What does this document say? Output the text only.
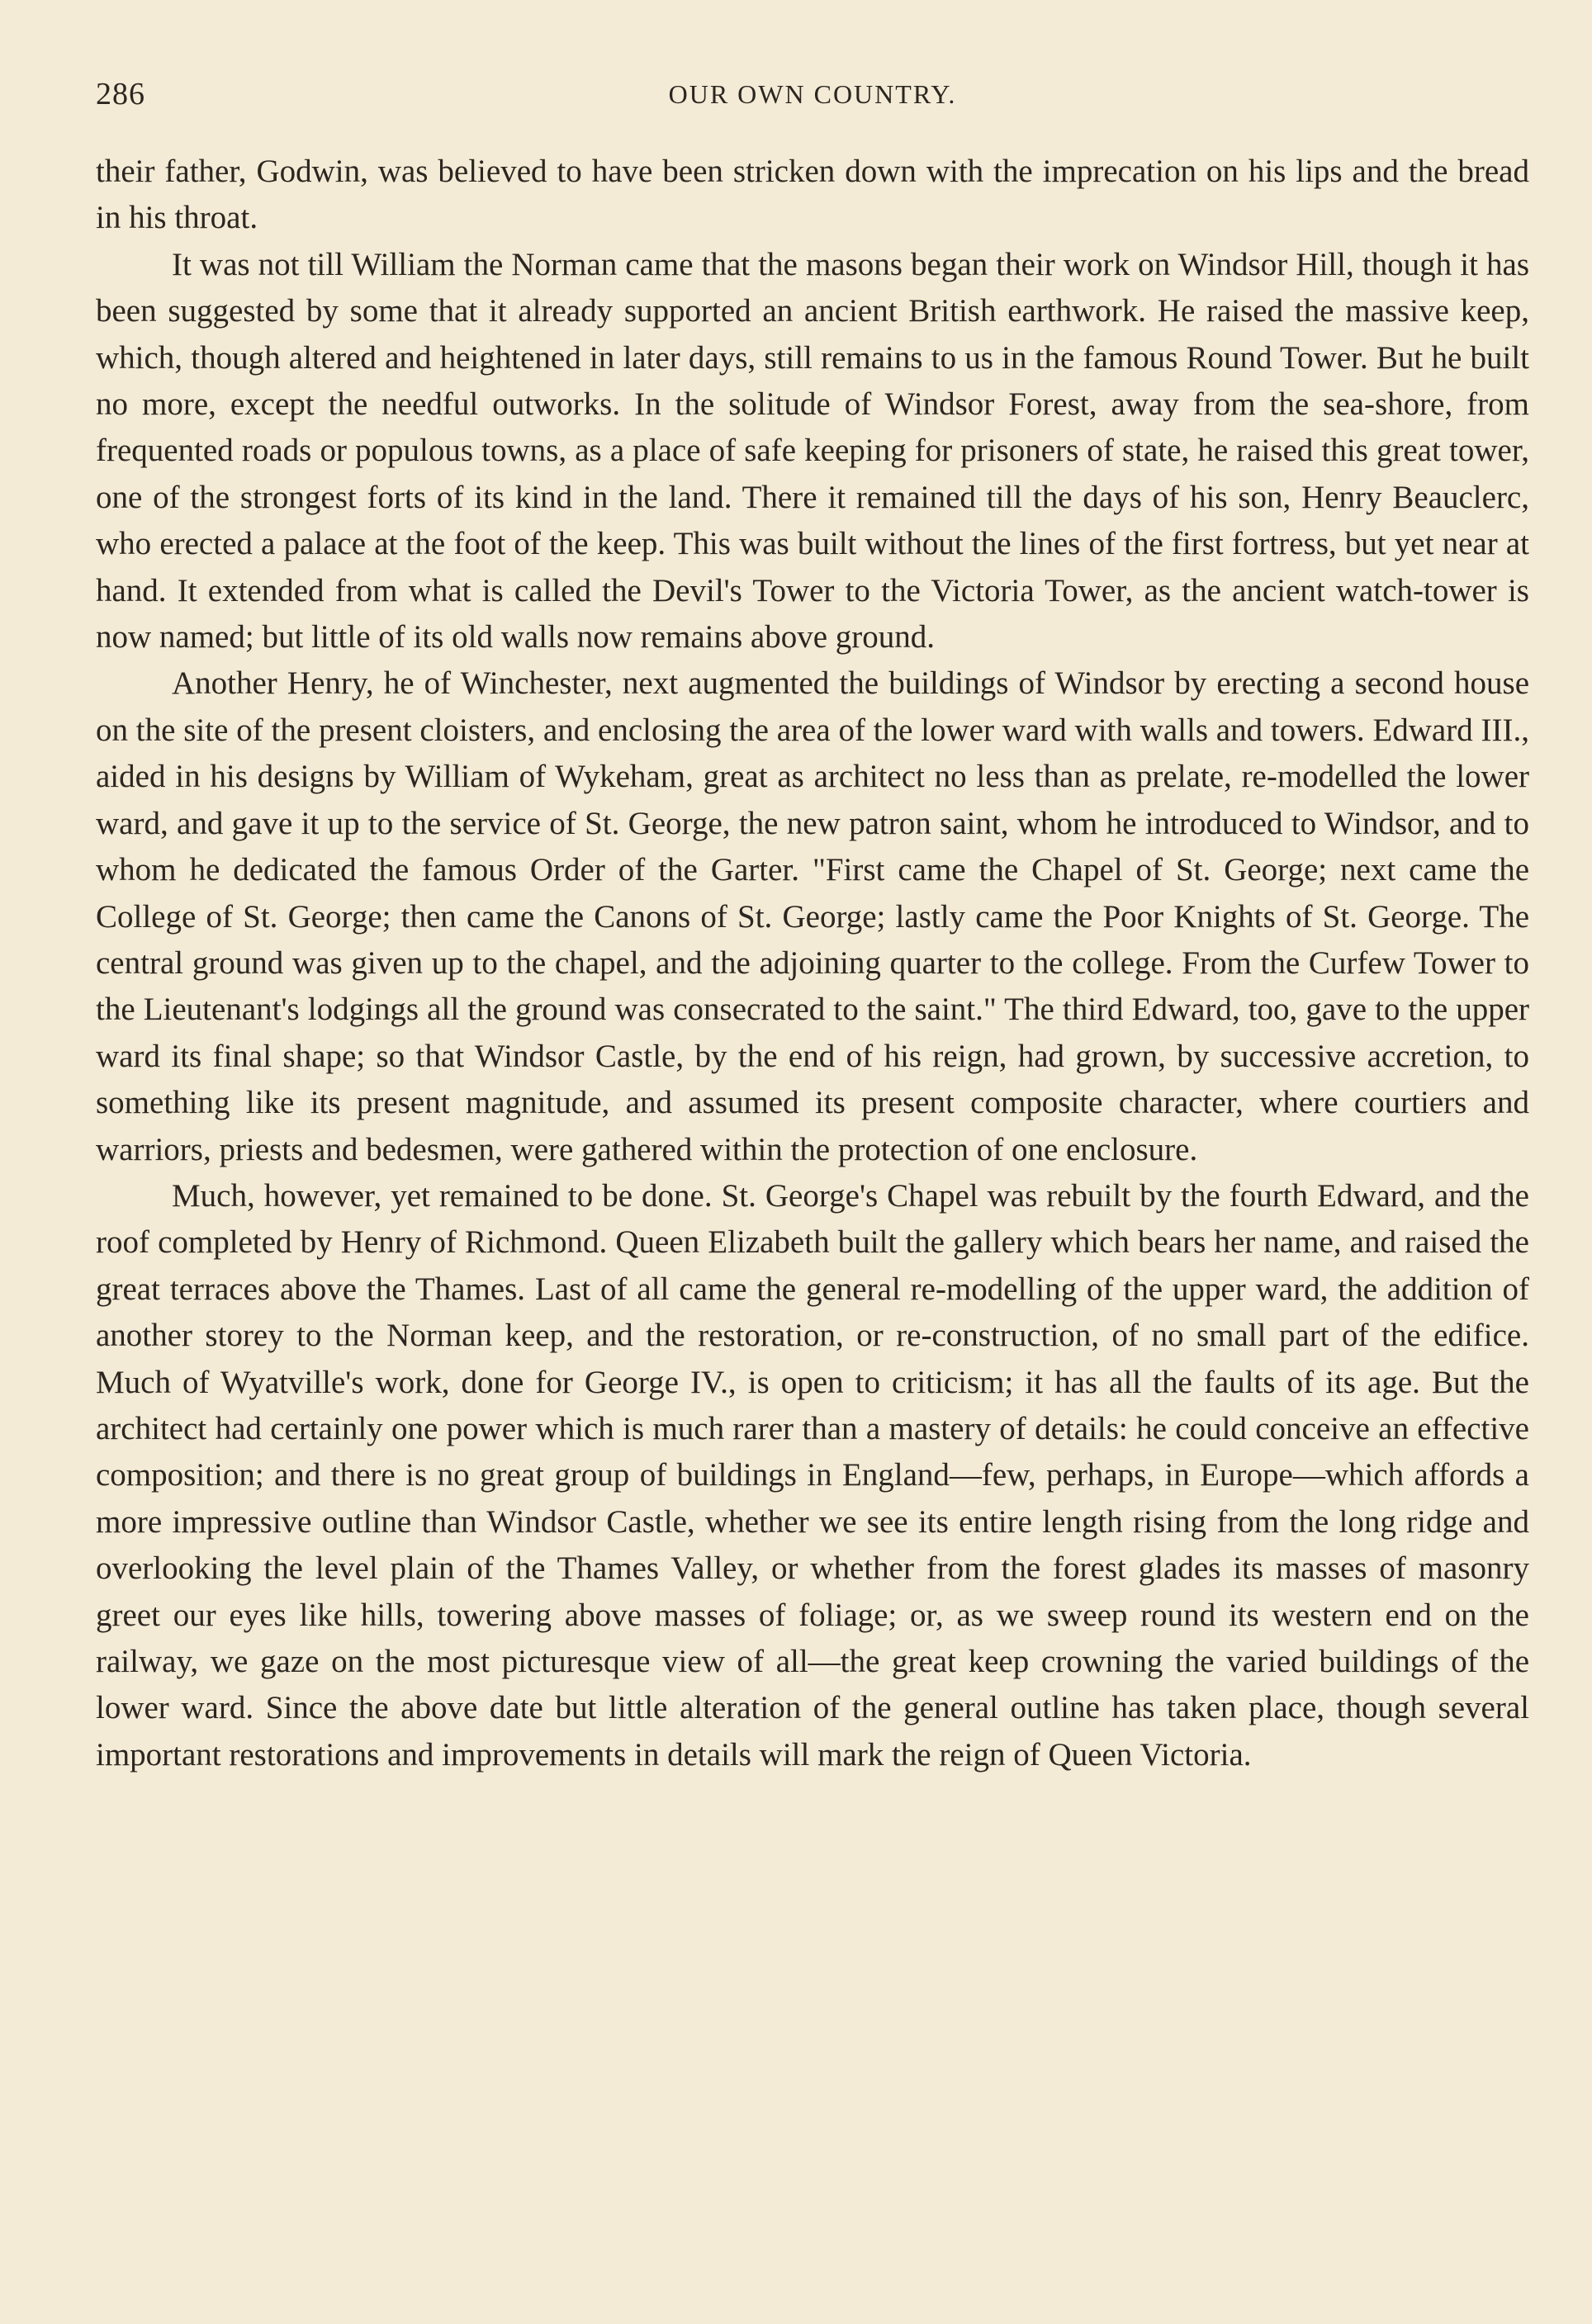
286	OUR OWN COUNTRY.

their father, Godwin, was believed to have been stricken down with the imprecation on his lips and the bread in his throat.

It was not till William the Norman came that the masons began their work on Windsor Hill, though it has been suggested by some that it already supported an ancient British earthwork. He raised the massive keep, which, though altered and heightened in later days, still remains to us in the famous Round Tower. But he built no more, except the needful outworks. In the solitude of Windsor Forest, away from the sea-shore, from frequented roads or populous towns, as a place of safe keeping for prisoners of state, he raised this great tower, one of the strongest forts of its kind in the land. There it remained till the days of his son, Henry Beauclerc, who erected a palace at the foot of the keep. This was built without the lines of the first fortress, but yet near at hand. It extended from what is called the Devil's Tower to the Victoria Tower, as the ancient watch-tower is now named; but little of its old walls now remains above ground.

Another Henry, he of Winchester, next augmented the buildings of Windsor by erecting a second house on the site of the present cloisters, and enclosing the area of the lower ward with walls and towers. Edward III., aided in his designs by William of Wykeham, great as architect no less than as prelate, re-modelled the lower ward, and gave it up to the service of St. George, the new patron saint, whom he introduced to Windsor, and to whom he dedicated the famous Order of the Garter. "First came the Chapel of St. George; next came the College of St. George; then came the Canons of St. George; lastly came the Poor Knights of St. George. The central ground was given up to the chapel, and the adjoining quarter to the college. From the Curfew Tower to the Lieutenant's lodgings all the ground was consecrated to the saint." The third Edward, too, gave to the upper ward its final shape; so that Windsor Castle, by the end of his reign, had grown, by successive accretion, to something like its present magnitude, and assumed its present composite character, where courtiers and warriors, priests and bedesmen, were gathered within the protection of one enclosure.

Much, however, yet remained to be done. St. George's Chapel was rebuilt by the fourth Edward, and the roof completed by Henry of Richmond. Queen Elizabeth built the gallery which bears her name, and raised the great terraces above the Thames. Last of all came the general re-modelling of the upper ward, the addition of another storey to the Norman keep, and the restoration, or re-construction, of no small part of the edifice. Much of Wyatville's work, done for George IV., is open to criticism; it has all the faults of its age. But the architect had certainly one power which is much rarer than a mastery of details: he could conceive an effective composition; and there is no great group of buildings in England—few, perhaps, in Europe—which affords a more impressive outline than Windsor Castle, whether we see its entire length rising from the long ridge and overlooking the level plain of the Thames Valley, or whether from the forest glades its masses of masonry greet our eyes like hills, towering above masses of foliage; or, as we sweep round its western end on the railway, we gaze on the most picturesque view of all—the great keep crowning the varied buildings of the lower ward. Since the above date but little alteration of the general outline has taken place, though several important restorations and improvements in details will mark the reign of Queen Victoria.
